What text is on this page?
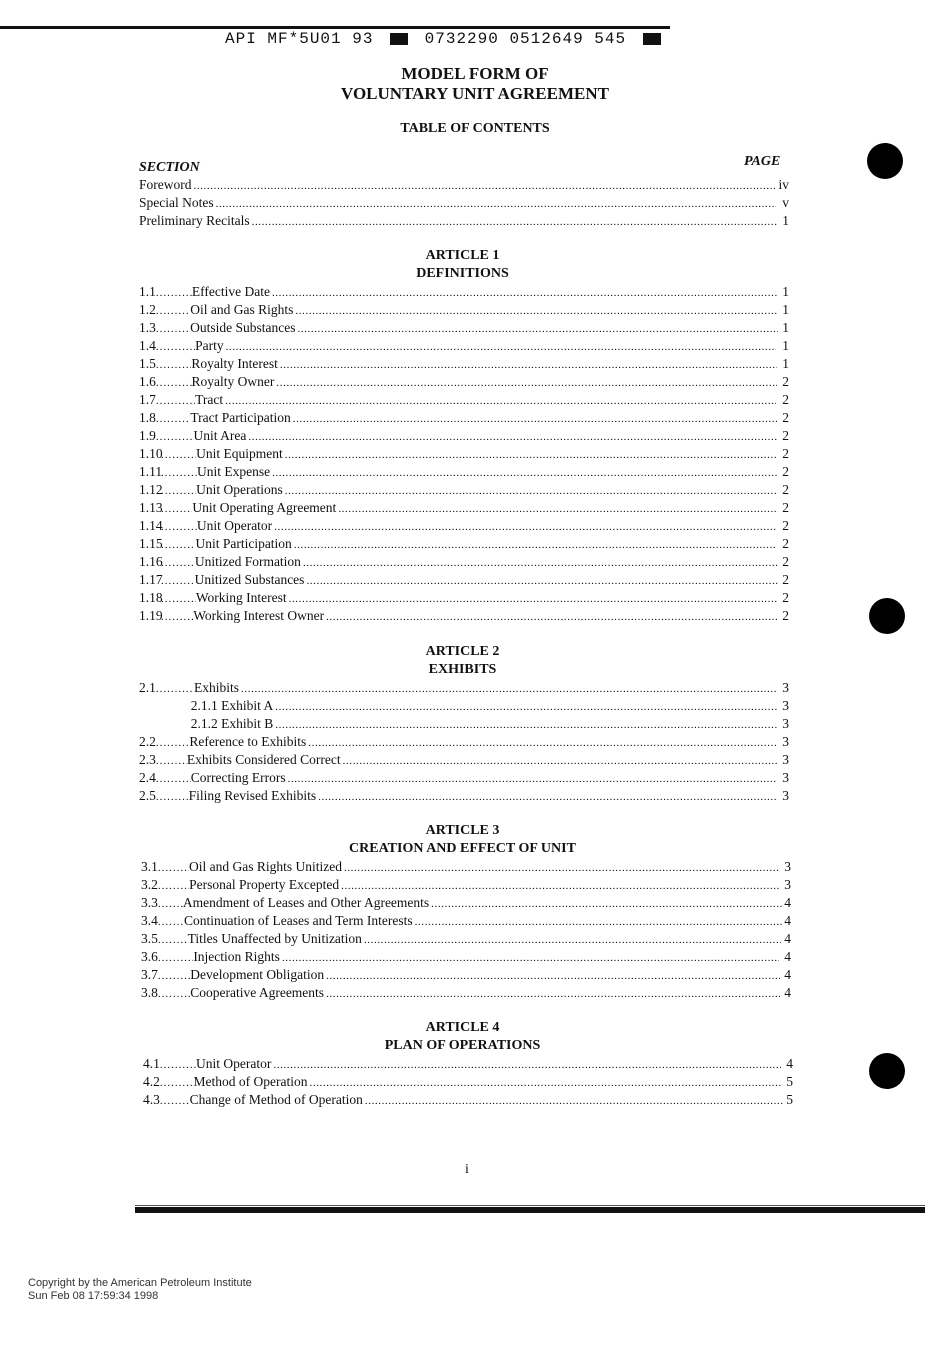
API MF*5U01 93	0732290 0512649 545
MODEL FORM OF
VOLUNTARY UNIT AGREEMENT
TABLE OF CONTENTS
SECTION	PAGE
Foreword .....	iv
Special Notes .....	v
Preliminary Recitals .....	1
ARTICLE 1
DEFINITIONS
1.1 .....	Effective Date .....	1
1.2 .....	Oil and Gas Rights .....	1
1.3 .....	Outside Substances .....	1
1.4 .....	Party .....	1
1.5 .....	Royalty Interest .....	1
1.6 .....	Royalty Owner .....	2
1.7 .....	Tract .....	2
1.8 .....	Tract Participation .....	2
1.9 .....	Unit Area .....	2
1.10 ..... Unit Equipment .....	2
1.11 .....	Unit Expense .....	2
1.12 ..... Unit Operations .....	2
1.13 ..... Unit Operating Agreement .....	2
1.14 .....	Unit Operator .....	2
1.15 ..... Unit Participation .....	2
1.16 ..... Unitized Formation .....	2
1.17 ..... Unitized Substances .....	2
1.18 ..... Working Interest .....	2
1.19 ..... Working Interest Owner .....	2
ARTICLE 2
EXHIBITS
2.1 .....	Exhibits .....	3
2.1.1 Exhibit A .....	3
2.1.2 Exhibit B .....	3
2.2 ..... Reference to Exhibits .....	3
2.3 ..... Exhibits Considered Correct .....	3
2.4 .....	Correcting Errors .....	3
2.5 ..... Filing Revised Exhibits .....	3
ARTICLE 3
CREATION AND EFFECT OF UNIT
3.1 ..... Oil and Gas Rights Unitized .....	3
3.2 ..... Personal Property Excepted .....	3
3.3 ..... Amendment of Leases and Other Agreements .....	4
3.4 ..... Continuation of Leases and Term Interests .....	4
3.5 ..... Titles Unaffected by Unitization .....	4
3.6 .....	Injection Rights .....	4
3.7 ..... Development Obligation .....	4
3.8 ..... Cooperative Agreements .....	4
ARTICLE 4
PLAN OF OPERATIONS
4.1 .....	Unit Operator .....	4
4.2 ..... Method of Operation .....	5
4.3 ..... Change of Method of Operation .....	5
i
Copyright by the American Petroleum Institute
Sun Feb 08 17:59:34 1998
